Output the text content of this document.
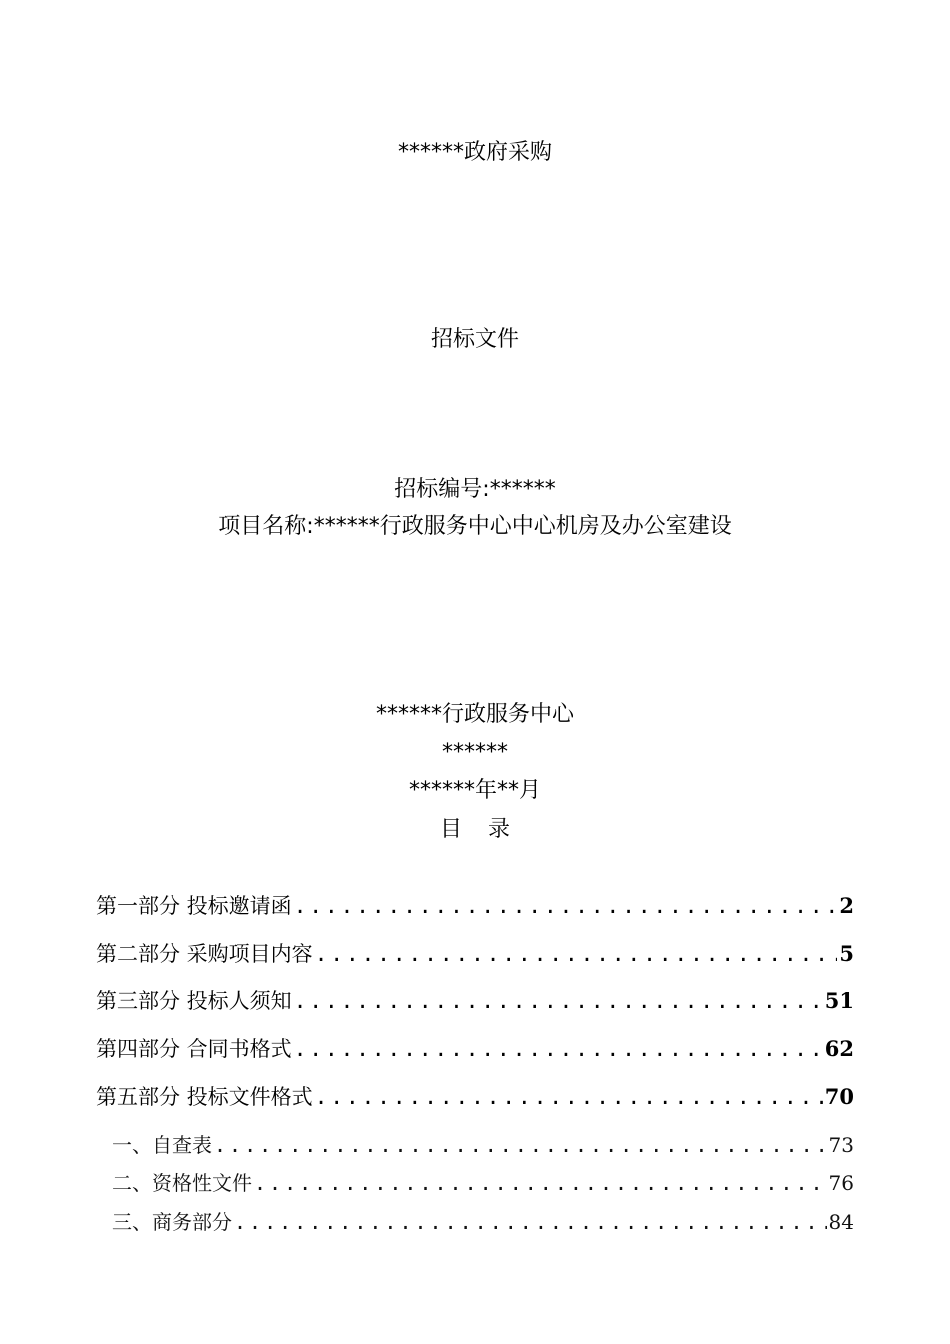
******政府采购
招标文件
招标编号:******
项目名称:******行政服务中心中心机房及办公室建设
******行政服务中心
******
******年**月
目录
第一部分 投标邀请函 .....	2
第二部分 采购项目内容 .....	5
第三部分 投标人须知 .....	51
第四部分 合同书格式 .....	62
第五部分 投标文件格式 .....	70
一、自查表 .....	73
二、资格性文件 .....	76
三、商务部分 .....	84
